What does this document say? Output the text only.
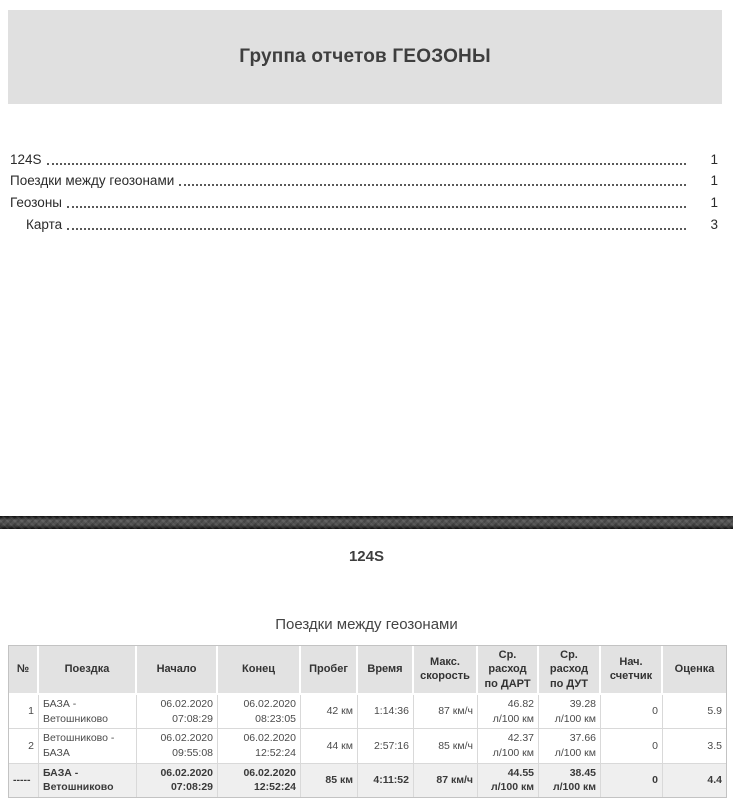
Группа отчетов ГЕОЗОНЫ
124S	1
Поездки между геозонами	1
Геозоны	1
Карта	3
124S
Поездки между геозонами
№	Поездка	Начало	Конец	Пробег	Время	Макс. скорость	Ср. расход по ДАРТ	Ср. расход по ДУТ	Нач. счетчик	Оценка
1	БАЗА - Ветошниково	06.02.2020 07:08:29	06.02.2020 08:23:05	42 км	1:14:36	87 км/ч	46.82 л/100 км	39.28 л/100 км	0	5.9
2	Ветошниково - БАЗА	06.02.2020 09:55:08	06.02.2020 12:52:24	44 км	2:57:16	85 км/ч	42.37 л/100 км	37.66 л/100 км	0	3.5
-----	БАЗА - Ветошниково	06.02.2020 07:08:29	06.02.2020 12:52:24	85 км	4:11:52	87 км/ч	44.55 л/100 км	38.45 л/100 км	0	4.4
